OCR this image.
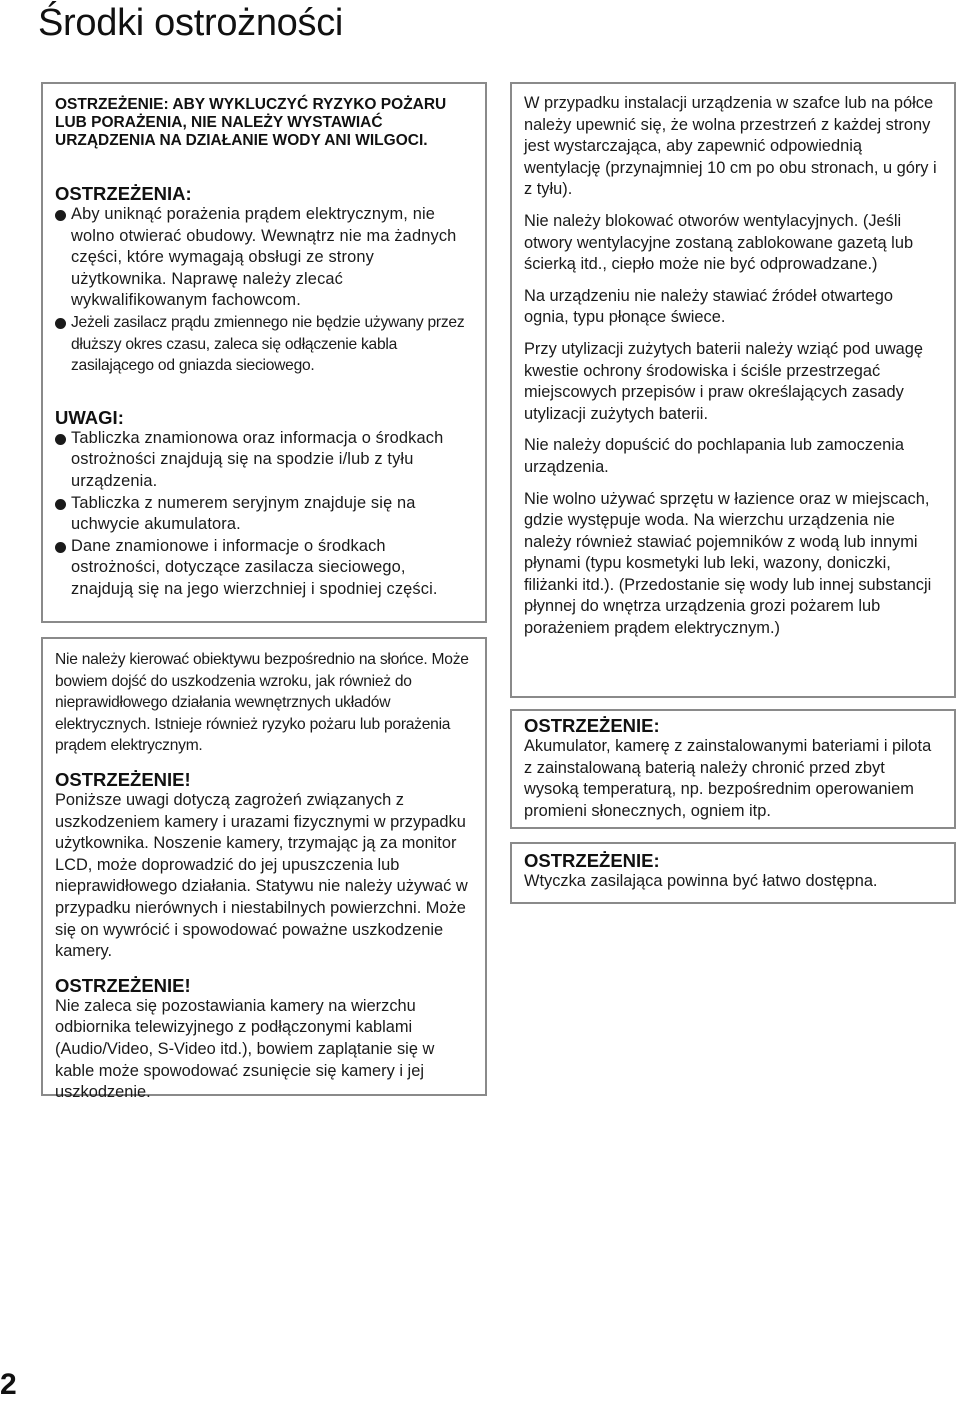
Środki ostrożności

OSTRZEŻENIE: ABY WYKLUCZYĆ RYZYKO POŻARU LUB PORAŻENIA, NIE NALEŻY WYSTAWIAĆ URZĄDZENIA NA DZIAŁANIE WODY ANI WILGOCI.

OSTRZEŻENIA:

Aby uniknąć porażenia prądem elektrycznym, nie wolno otwierać obudowy. Wewnątrz nie ma żadnych części, które wymagają obsługi ze strony użytkownika. Naprawę należy zlecać wykwalifikowanym fachowcom.
Jeżeli zasilacz prądu zmiennego nie będzie używany przez dłuższy okres czasu, zaleca się odłączenie kabla zasilającego od gniazda sieciowego.

UWAGI:

Tabliczka znamionowa oraz informacja o środkach ostrożności znajdują się na spodzie i/lub z tyłu urządzenia.
Tabliczka z numerem seryjnym znajduje się na uchwycie akumulatora.
Dane znamionowe i informacje o środkach ostrożności, dotyczące zasilacza sieciowego, znajdują się na jego wierzchniej i spodniej części.

Nie należy kierować obiektywu bezpośrednio na słońce. Może bowiem dojść do uszkodzenia wzroku, jak również do nieprawidłowego działania wewnętrznych układów elektrycznych. Istnieje również ryzyko pożaru lub porażenia prądem elektrycznym.

OSTRZEŻENIE!

Poniższe uwagi dotyczą zagrożeń związanych z uszkodzeniem kamery i urazami fizycznymi w przypadku użytkownika. Noszenie kamery, trzymając ją za monitor LCD, może doprowadzić do jej upuszczenia lub nieprawidłowego działania. Statywu nie należy używać w przypadku nierównych i niestabilnych powierzchni. Może się on wywrócić i spowodować poważne uszkodzenie kamery.

OSTRZEŻENIE!

Nie zaleca się pozostawiania kamery na wierzchu odbiornika telewizyjnego z podłączonymi kablami (Audio/Video, S-Video itd.), bowiem zaplątanie się w kable może spowodować zsunięcie się kamery i jej uszkodzenie.

W przypadku instalacji urządzenia w szafce lub na półce należy upewnić się, że wolna przestrzeń z każdej strony jest wystarczająca, aby zapewnić odpowiednią wentylację (przynajmniej 10 cm po obu stronach, u góry i z tyłu).

Nie należy blokować otworów wentylacyjnych. (Jeśli otwory wentylacyjne zostaną zablokowane gazetą lub ścierką itd., ciepło może nie być odprowadzane.)

Na urządzeniu nie należy stawiać źródeł otwartego ognia, typu płonące świece.

Przy utylizacji zużytych baterii należy wziąć pod uwagę kwestie ochrony środowiska i ściśle przestrzegać miejscowych przepisów i praw określających zasady utylizacji zużytych baterii.

Nie należy dopuścić do pochlapania lub zamoczenia urządzenia.

Nie wolno używać sprzętu w łazience oraz w miejscach, gdzie występuje woda. Na wierzchu urządzenia nie należy również stawiać pojemników z wodą lub innymi płynami (typu kosmetyki lub leki, wazony, doniczki, filiżanki itd.). (Przedostanie się wody lub innej substancji płynnej do wnętrza urządzenia grozi pożarem lub porażeniem prądem elektrycznym.)

OSTRZEŻENIE:

Akumulator, kamerę z zainstalowanymi bateriami i pilota z zainstalowaną baterią należy chronić przed zbyt wysoką temperaturą, np. bezpośrednim operowaniem promieni słonecznych, ogniem itp.

OSTRZEŻENIE:

Wtyczka zasilająca powinna być łatwo dostępna.

2
